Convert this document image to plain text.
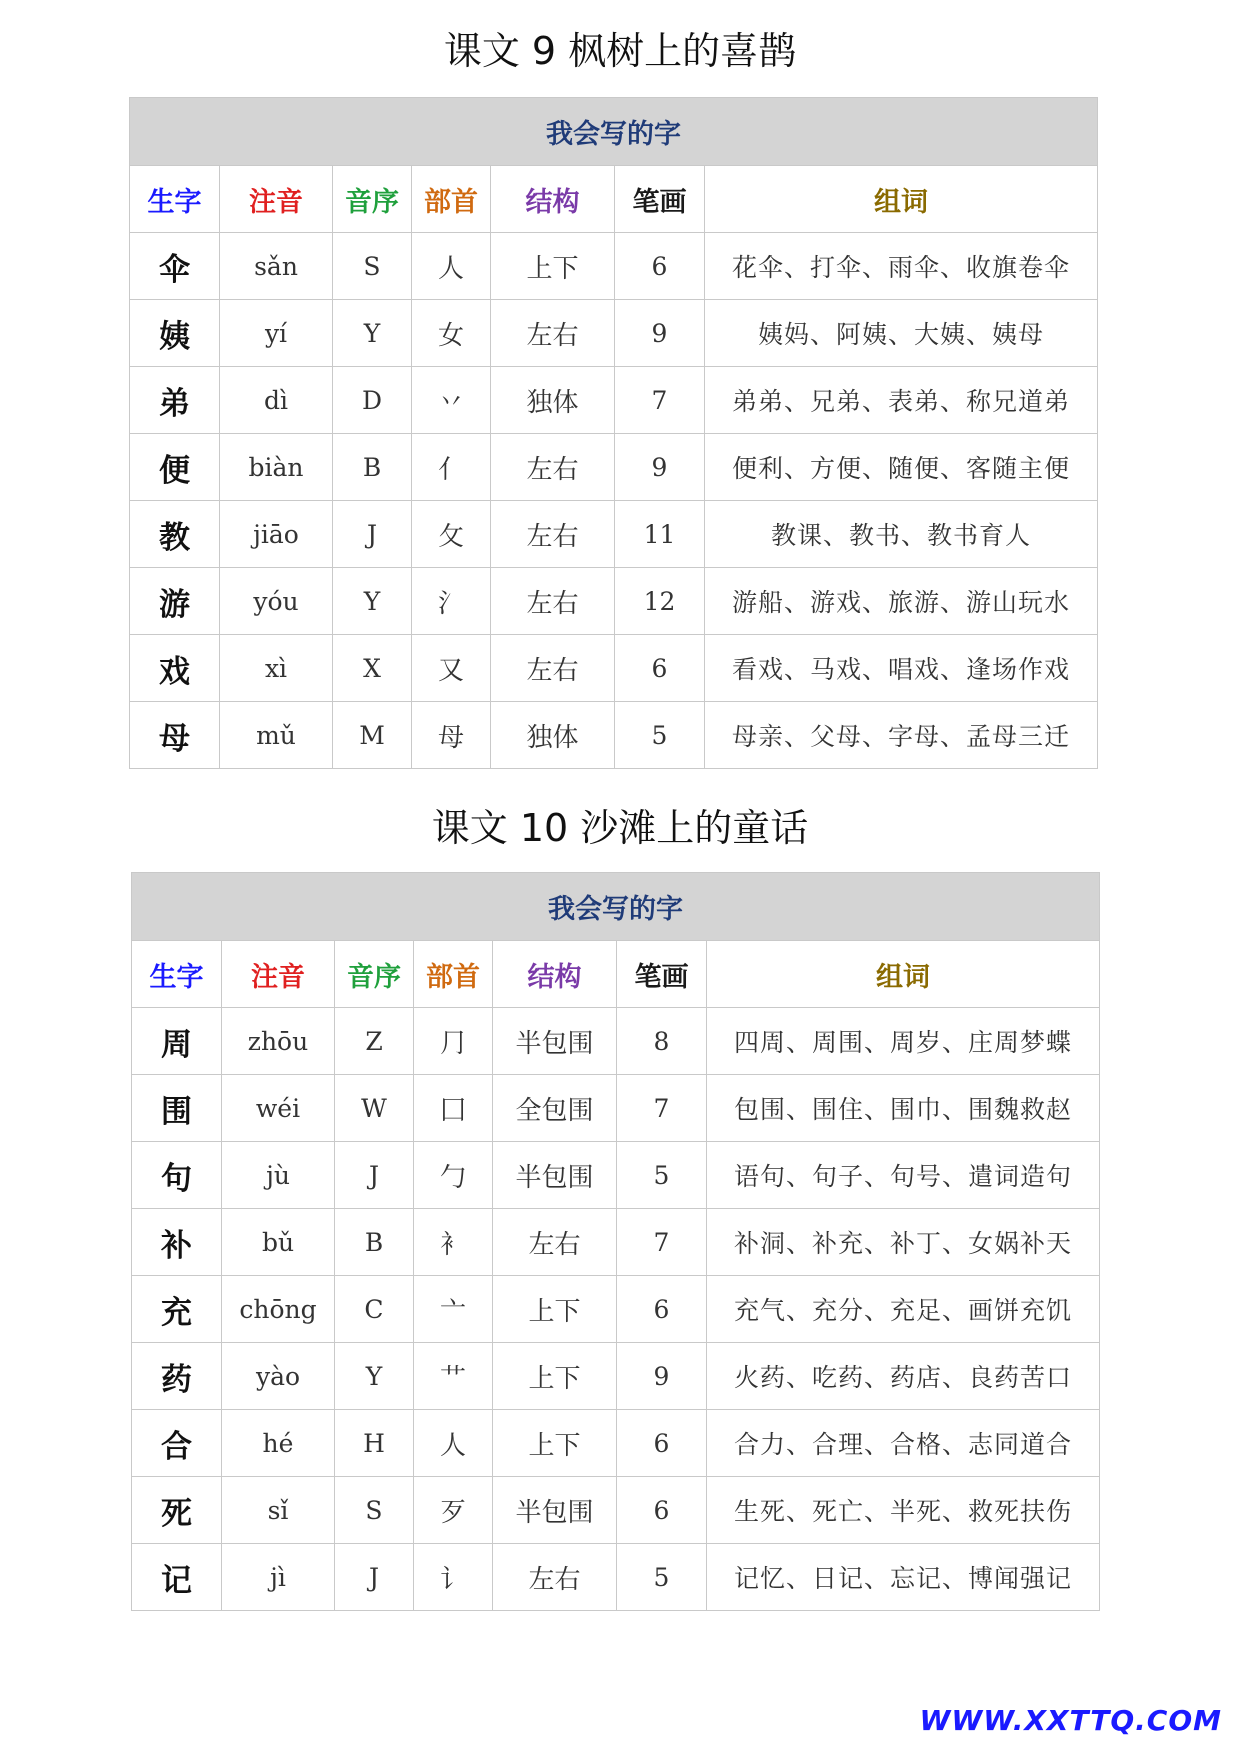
课文 9 枫树上的喜鹊
我会写的字						
生字	注音	音序	部首	结构	笔画	组词
伞	sǎn	S	人	上下	6	花伞、打伞、雨伞、收旗卷伞
姨	yí	Y	女	左右	9	姨妈、阿姨、大姨、姨母
弟	dì	D	丷	独体	7	弟弟、兄弟、表弟、称兄道弟
便	biàn	B	亻	左右	9	便利、方便、随便、客随主便
教	jiāo	J	攵	左右	11	教课、教书、教书育人
游	yóu	Y	氵	左右	12	游船、游戏、旅游、游山玩水
戏	xì	X	又	左右	6	看戏、马戏、唱戏、逢场作戏
母	mǔ	M	母	独体	5	母亲、父母、字母、孟母三迁
课文 10 沙滩上的童话
我会写的字						
生字	注音	音序	部首	结构	笔画	组词
周	zhōu	Z	⺆	半包围	8	四周、周围、周岁、庄周梦蝶
围	wéi	W	囗	全包围	7	包围、围住、围巾、围魏救赵
句	jù	J	勹	半包围	5	语句、句子、句号、遣词造句
补	bǔ	B	衤	左右	7	补洞、补充、补丁、女娲补天
充	chōng	C	亠	上下	6	充气、充分、充足、画饼充饥
药	yào	Y	艹	上下	9	火药、吃药、药店、良药苦口
合	hé	H	人	上下	6	合力、合理、合格、志同道合
死	sǐ	S	歹	半包围	6	生死、死亡、半死、救死扶伤
记	jì	J	讠	左右	5	记忆、日记、忘记、博闻强记
WWW.XXTTQ.COM
